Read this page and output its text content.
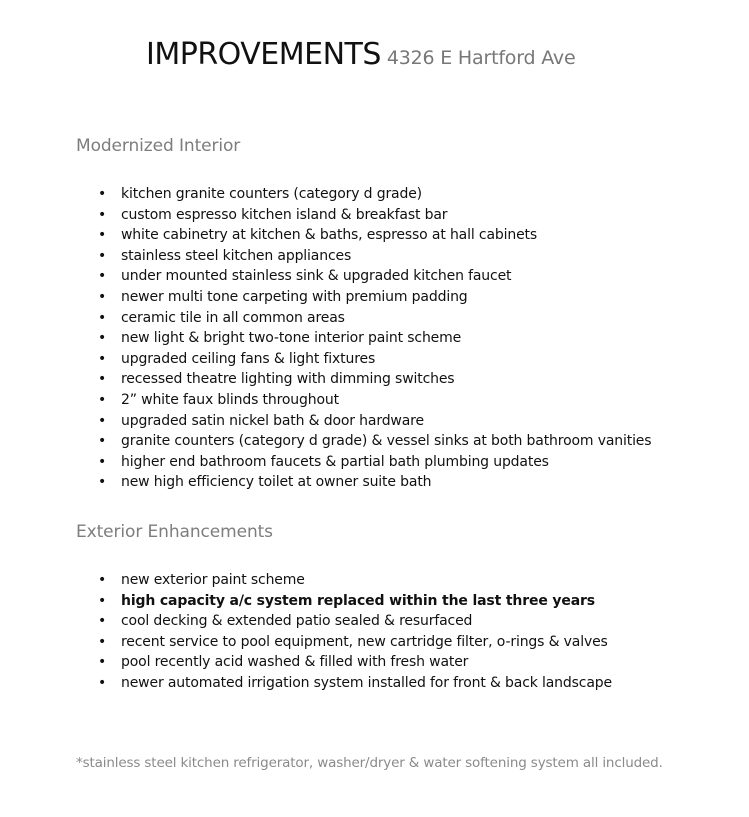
IMPROVEMENTS 4326 E Hartford Ave
Modernized Interior
• kitchen granite counters (category d grade)
• custom espresso kitchen island & breakfast bar
• white cabinetry at kitchen & baths, espresso at hall cabinets
• stainless steel kitchen appliances
• under mounted stainless sink & upgraded kitchen faucet
• newer multi tone carpeting with premium padding
• ceramic tile in all common areas
• new light & bright two-tone interior paint scheme
• upgraded ceiling fans & light fixtures
• recessed theatre lighting with dimming switches
• 2” white faux blinds throughout
• upgraded satin nickel bath & door hardware
• granite counters (category d grade) & vessel sinks at both bathroom vanities
• higher end bathroom faucets & partial bath plumbing updates
• new high efficiency toilet at owner suite bath
Exterior Enhancements
• new exterior paint scheme
• high capacity a/c system replaced within the last three years
• cool decking & extended patio sealed & resurfaced
• recent service to pool equipment, new cartridge filter, o-rings & valves
• pool recently acid washed & filled with fresh water
• newer automated irrigation system installed for front & back landscape
*stainless steel kitchen refrigerator, washer/dryer & water softening system all included.
